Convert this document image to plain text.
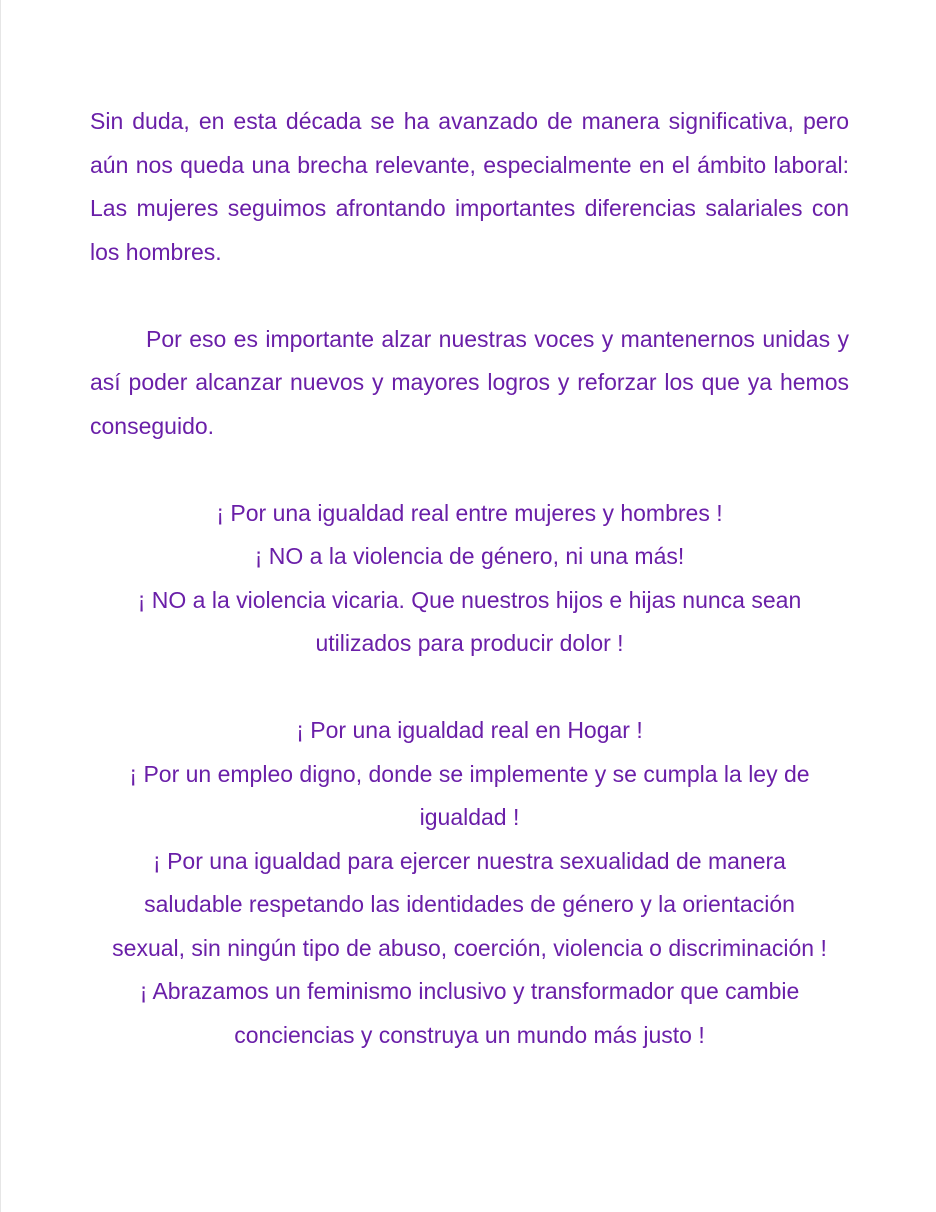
Sin duda, en esta década se ha avanzado de manera significativa, pero aún nos queda una brecha relevante, especialmente en el ámbito laboral: Las mujeres seguimos afrontando importantes diferencias salariales con los hombres.

Por eso es importante alzar nuestras voces y mantenernos unidas y así poder alcanzar nuevos y mayores logros y reforzar los que ya hemos conseguido.

¡ Por una igualdad real entre mujeres y hombres !

¡ NO a la violencia de género, ni una más!

¡ NO a la violencia vicaria. Que nuestros hijos e hijas nunca sean utilizados para producir dolor !

¡ Por una igualdad real en Hogar !

¡ Por un empleo digno, donde se implemente y se cumpla la ley de igualdad !

¡ Por una igualdad para ejercer nuestra sexualidad de manera saludable respetando las identidades de género y la orientación sexual, sin ningún tipo de abuso, coerción, violencia o discriminación !

¡ Abrazamos un feminismo inclusivo y transformador que cambie conciencias y construya un mundo más justo !
